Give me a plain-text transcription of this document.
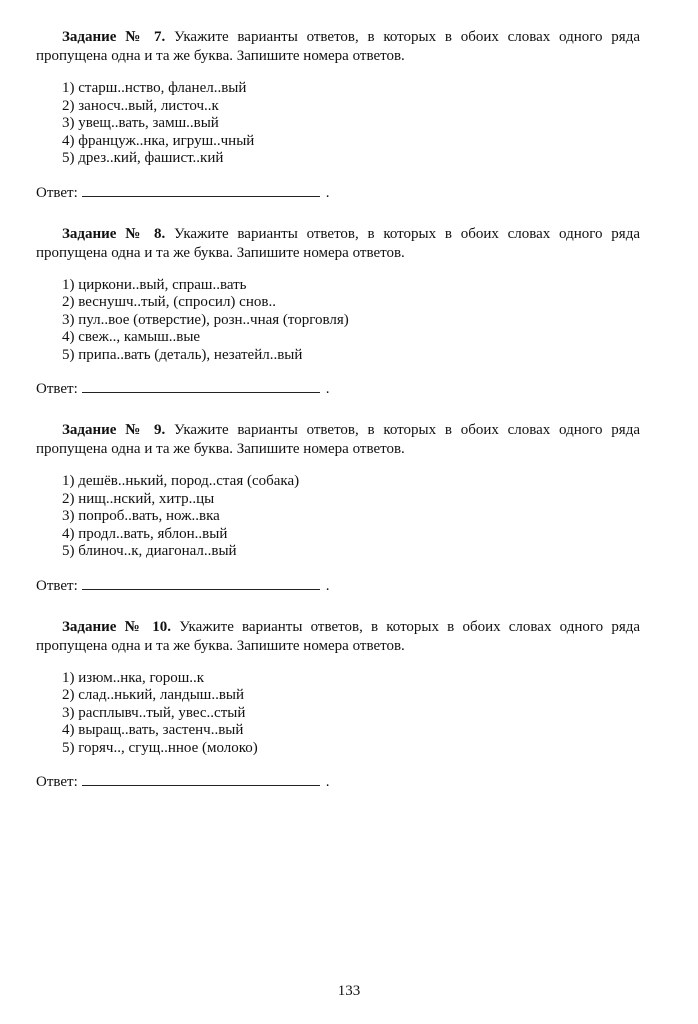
Задание № 7. Укажите варианты ответов, в которых в обоих словах одного ряда пропущена одна и та же буква. Запишите номера ответов.

1) старш..нство, фланел..вый
2) заносч..вый, листоч..к
3) увещ..вать, замш..вый
4) француж..нка, игруш..чный
5) дрез..кий, фашист..кий

Ответ:	.

Задание № 8. Укажите варианты ответов, в которых в обоих словах одного ряда пропущена одна и та же буква. Запишите номера ответов.

1) циркони..вый, спраш..вать
2) веснушч..тый, (спросил) снов..
3) пул..вое (отверстие), розн..чная (торговля)
4) свеж.., камыш..вые
5) припа..вать (деталь), незатейл..вый

Ответ:	.

Задание № 9. Укажите варианты ответов, в которых в обоих словах одного ряда пропущена одна и та же буква. Запишите номера ответов.

1) дешёв..нький, пород..стая (собака)
2) нищ..нский, хитр..цы
3) попроб..вать, нож..вка
4) продл..вать, яблон..вый
5) блиноч..к, диагонал..вый

Ответ:	.

Задание № 10. Укажите варианты ответов, в которых в обоих словах одного ряда пропущена одна и та же буква. Запишите номера ответов.

1) изюм..нка, горош..к
2) слад..нький, ландыш..вый
3) расплывч..тый, увес..стый
4) выращ..вать, застенч..вый
5) горяч.., сгущ..нное (молоко)

Ответ:	.

133
